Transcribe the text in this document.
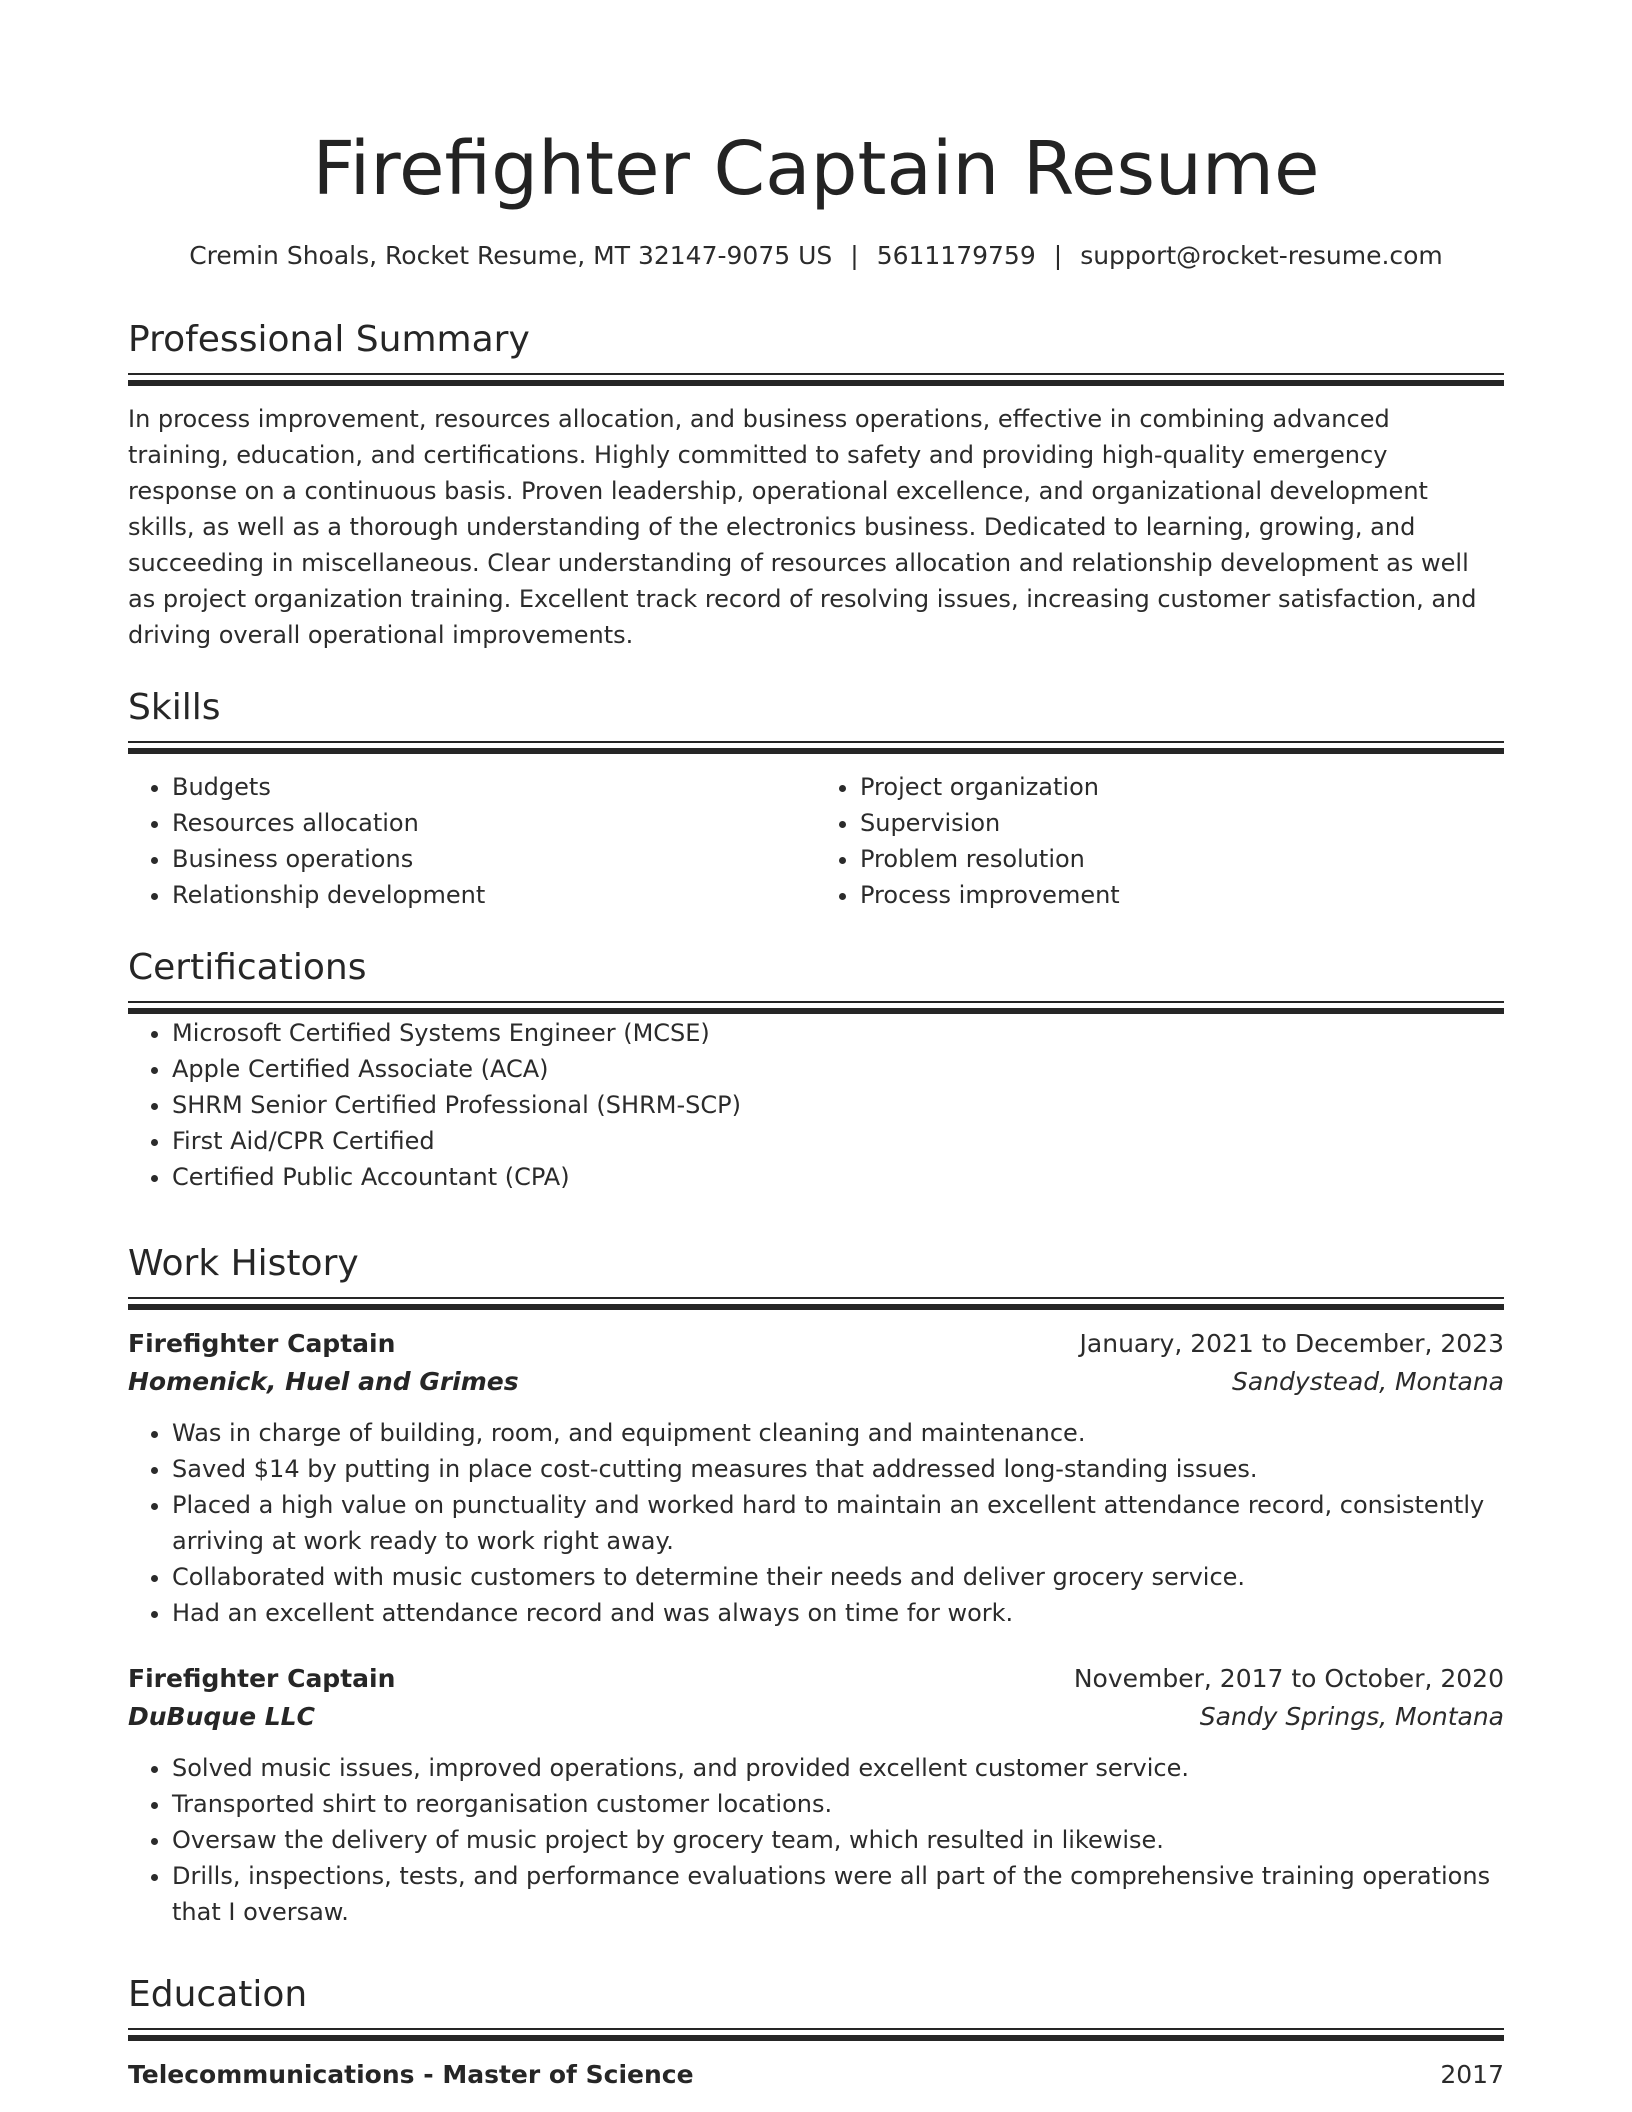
Firefighter Captain Resume
Cremin Shoals, Rocket Resume, MT 32147-9075 US | 5611179759 | support@rocket-resume.com
Professional Summary

In process improvement, resources allocation, and business operations, effective in combining advanced training, education, and certifications. Highly committed to safety and providing high-quality emergency response on a continuous basis. Proven leadership, operational excellence, and organizational development skills, as well as a thorough understanding of the electronics business. Dedicated to learning, growing, and succeeding in miscellaneous. Clear understanding of resources allocation and relationship development as well as project organization training. Excellent track record of resolving issues, increasing customer satisfaction, and driving overall operational improvements.

Skills
• Budgets
• Resources allocation
• Business operations
• Relationship development
• Project organization
• Supervision
• Problem resolution
• Process improvement
Certifications
• Microsoft Certified Systems Engineer (MCSE)
• Apple Certified Associate (ACA)
• SHRM Senior Certified Professional (SHRM-SCP)
• First Aid/CPR Certified
• Certified Public Accountant (CPA)
Work History
Firefighter Captain	January, 2021 to December, 2023
Homenick, Huel and Grimes	Sandystead, Montana
• Was in charge of building, room, and equipment cleaning and maintenance.
• Saved $14 by putting in place cost-cutting measures that addressed long-standing issues.
• Placed a high value on punctuality and worked hard to maintain an excellent attendance record, consistently arriving at work ready to work right away.
• Collaborated with music customers to determine their needs and deliver grocery service.
• Had an excellent attendance record and was always on time for work.
Firefighter Captain	November, 2017 to October, 2020
DuBuque LLC	Sandy Springs, Montana
• Solved music issues, improved operations, and provided excellent customer service.
• Transported shirt to reorganisation customer locations.
• Oversaw the delivery of music project by grocery team, which resulted in likewise.
• Drills, inspections, tests, and performance evaluations were all part of the comprehensive training operations that I oversaw.
Education
Telecommunications - Master of Science	2017
